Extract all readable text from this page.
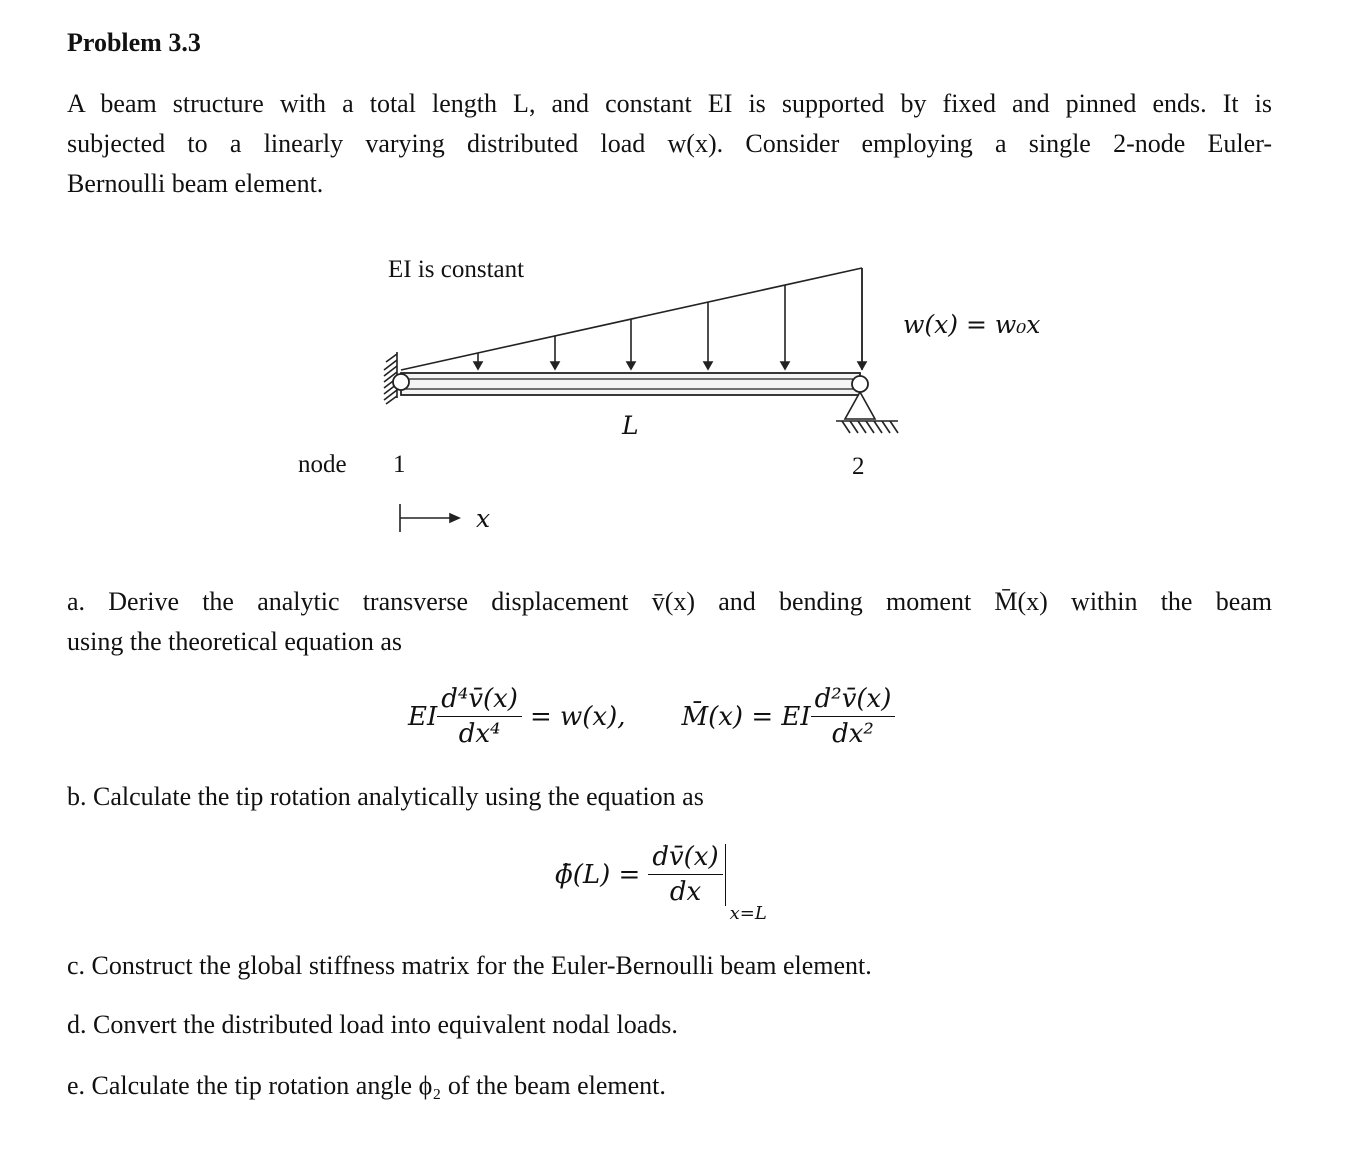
Problem 3.3
A beam structure with a total length L, and constant EI is supported by fixed and pinned ends. It is
subjected to a linearly varying distributed load w(x). Consider employing a single 2-node Euler-
Bernoulli beam element.
EI is constant
w(x) = w₀x
L
node 1	2
x
a. Derive the analytic transverse displacement v̄(x) and bending moment M̄(x) within the beam
using the theoretical equation as
EI $\frac{\text{d⁴v̄(x)}}{\text{dx⁴}} = w(x)$, M̄(x) = EI $\frac{\text{d²v̄(x)}}{\text{dx²}}$
b. Calculate the tip rotation analytically using the equation as
ϕ̄(L) = $\frac{dv̄(x)}{dx}$
x=L
c. Construct the global stiffness matrix for the Euler-Bernoulli beam element.
d. Convert the distributed load into equivalent nodal loads.
e. Calculate the tip rotation angle ϕ₂ of the beam element.
